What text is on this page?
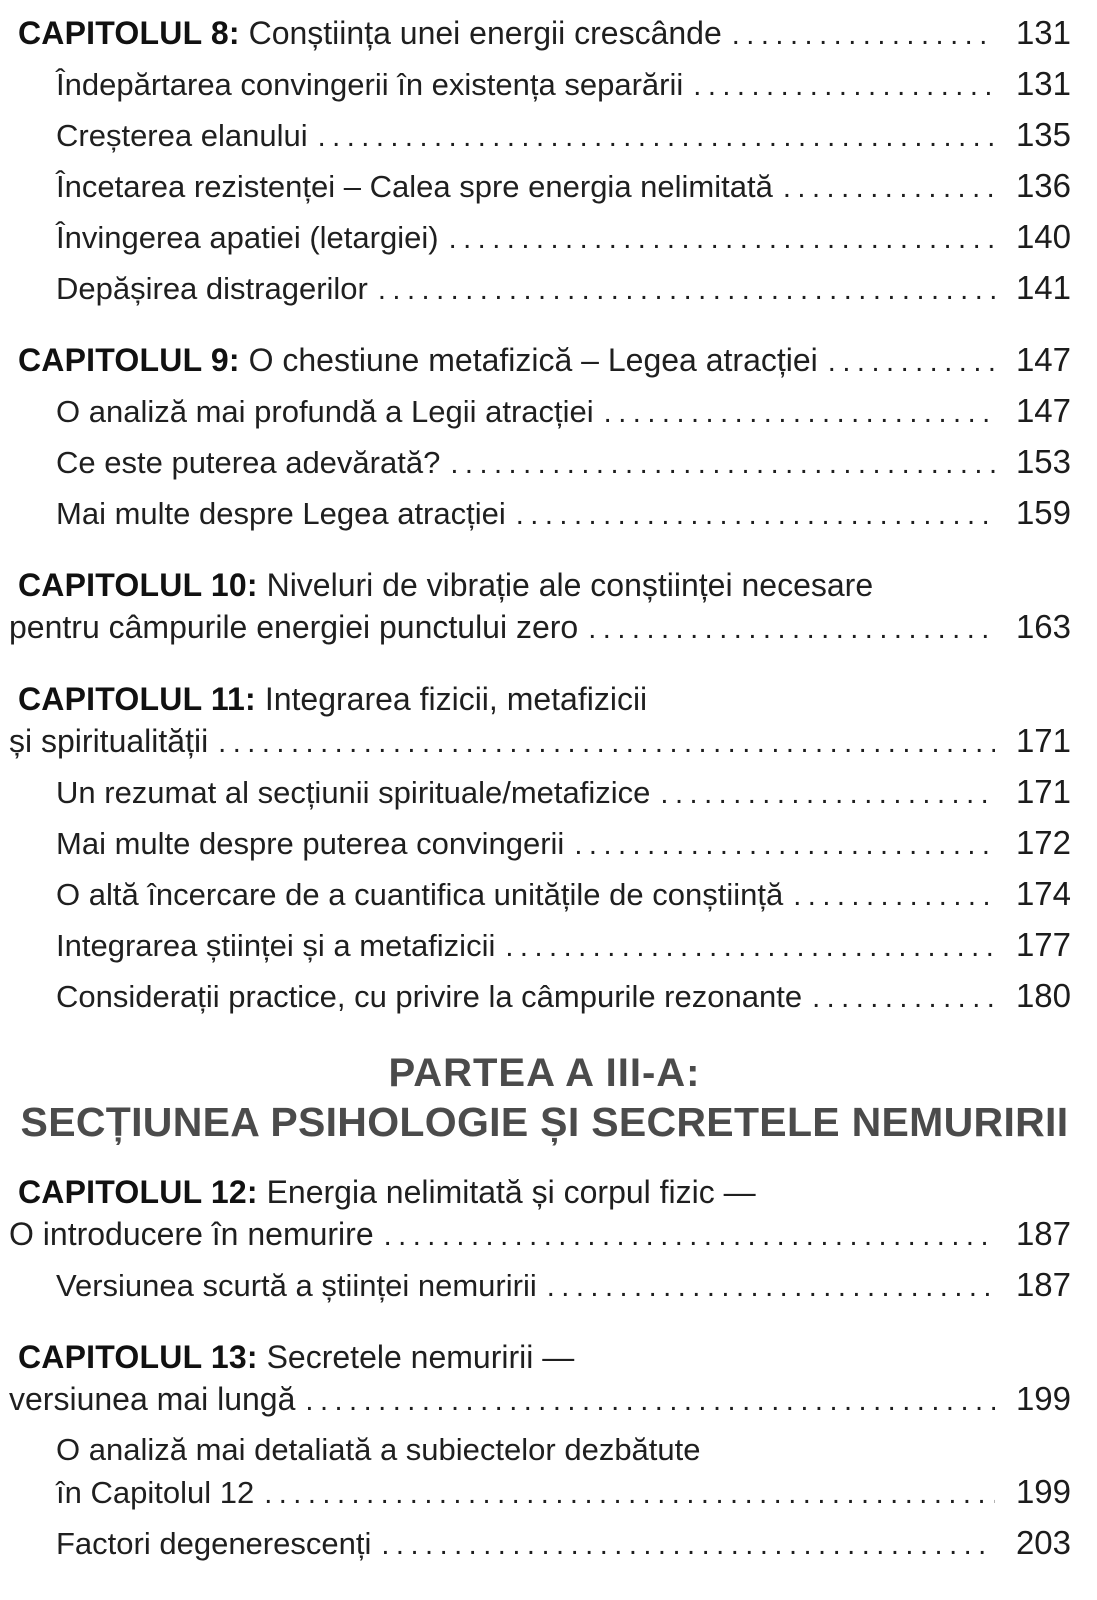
CAPITOLUL 8: Conștiința unei energii crescânde .....	131
Îndepărtarea convingerii în existența separării .....	131
Creșterea elanului .....	135
Încetarea rezistenței – Calea spre energia nelimitată .....	136
Învingerea apatiei (letargiei) .....	140
Depășirea distragerilor .....	141
CAPITOLUL 9: O chestiune metafizică – Legea atracției .....	147
O analiză mai profundă a Legii atracției .....	147
Ce este puterea adevărată? .....	153
Mai multe despre Legea atracției .....	159
CAPITOLUL 10: Niveluri de vibrație ale conștiinței necesare
pentru câmpurile energiei punctului zero .....	163
CAPITOLUL 11: Integrarea fizicii, metafizicii
și spiritualității .....	171
Un rezumat al secțiunii spirituale/metafizice .....	171
Mai multe despre puterea convingerii .....	172
O altă încercare de a cuantifica unitățile de conștiință .....	174
Integrarea științei și a metafizicii .....	177
Considerații practice, cu privire la câmpurile rezonante .....	180
PARTEA A III-A:
SECȚIUNEA PSIHOLOGIE ȘI SECRETELE NEMURIRII
CAPITOLUL 12: Energia nelimitată și corpul fizic —
O introducere în nemurire .....	187
Versiunea scurtă a științei nemuririi .....	187
CAPITOLUL 13: Secretele nemuririi —
versiunea mai lungă .....	199
O analiză mai detaliată a subiectelor dezbătute
în Capitolul 12 .....	199
Factori degenerescenți .....	203
